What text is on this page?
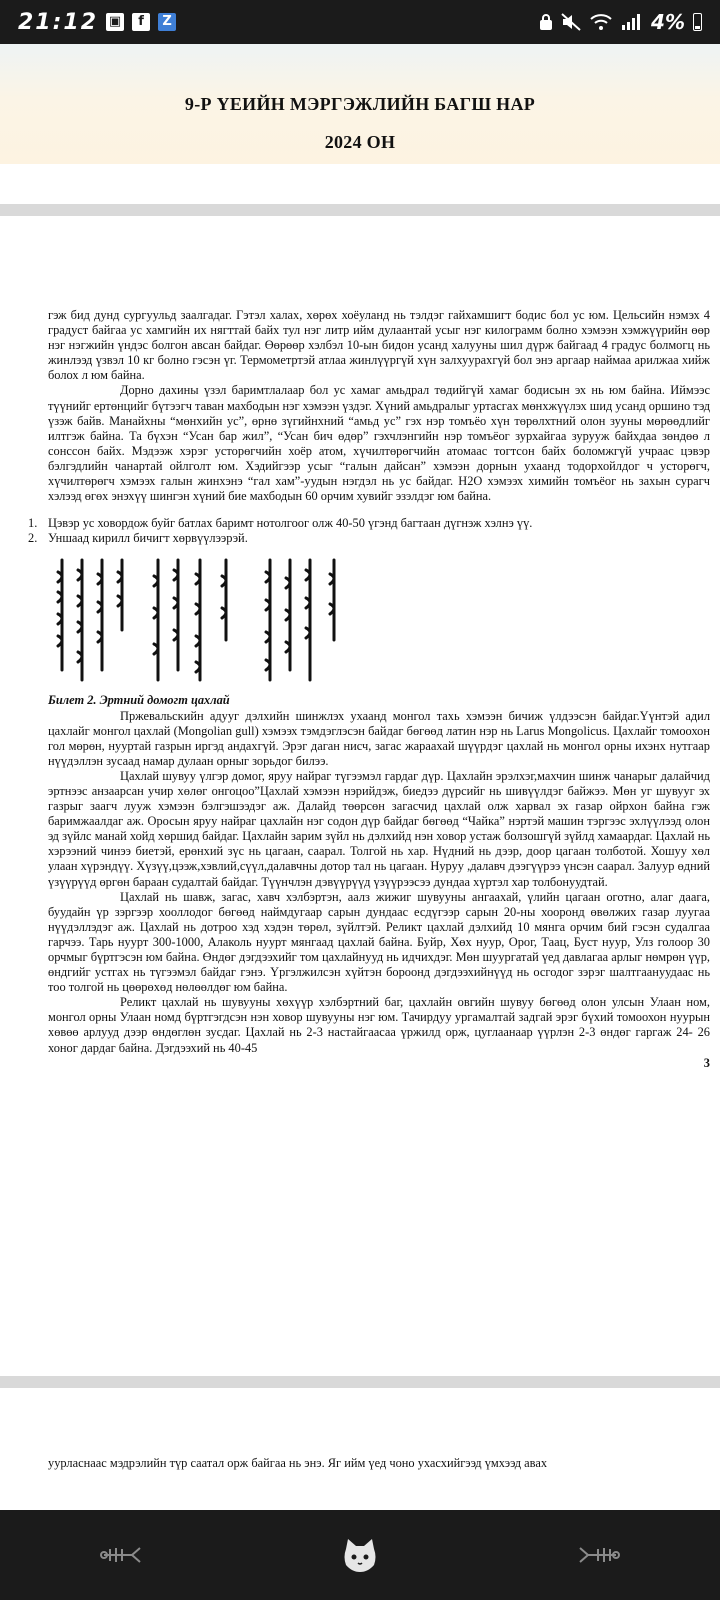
21:12 ▣	f	Z	4%
9-Р ҮЕИЙН МЭРГЭЖЛИЙН БАГШ НАР
2024 ОН

гэж бид дунд сургуульд заалгадаг. Гэтэл халах, хөрөх хоёуланд нь тэлдэг гайхамшигт бодис бол ус юм. Цельсийн нэмэх 4 градуст байгаа ус хамгийн их нягттай байх тул нэг литр ийм дулаантай усыг нэг килограмм болно хэмээн хэмжүүрийн өөр нэг нэгжийн үндэс болгон авсан байдаг. Өөрөөр хэлбэл 10-ын бидон усанд халууны шил дүрж байгаад 4 градус болмогц нь жинлээд үзвэл 10 кг болно гэсэн үг. Термометртэй атлаа жинлүүргүй хүн залхуурахгүй бол энэ аргаар наймаа арилжаа хийж болох л юм байна.

Дорно дахины үзэл баримтлалаар бол ус хамаг амьдрал төдийгүй хамаг бодисын эх нь юм байна. Иймээс түүнийг ертөнцийг бүтээгч таван махбодын нэг хэмээн үздэг. Хүний амьдралыг уртасгах мөнхжүүлэх шид усанд оршино тэд үзэж байв. Манайхны “мөнхийн ус”, өрнө зүгийнхний “амьд ус” гэх нэр томъёо хүн төрөлхтний олон зууны мөрөөдлийг илтгэж байна. Та бүхэн “Усан бар жил”, “Усан бич өдөр” гэхчлэнгийн нэр томъёог зурхайгаа зурууж байхдаа зөндөө л сонссон байх. Мэдээж хэрэг усторөгчийн хоёр атом, хүчилтөрөгчийн атомаас тогтсон байх боломжгүй учраас цэвэр бэлгэдлийн чанартай ойлголт юм. Хэдийгээр усыг “галын дайсан” хэмээн дорнын ухаанд тодорхойлдог ч усторөгч, хүчилтөрөгч хэмээх галын жинхэнэ “гал хам”-уудын нэгдэл нь ус байдаг. H2O хэмээх химийн томъёог нь захын сурагч хэлээд өгөх энэхүү шингэн хүний бие махбодын 60 орчим хувийг эзэлдэг юм байна.

1. Цэвэр ус ховордож буйг батлах баримт нотолгоог олж 40-50 үгэнд багтаан дүгнэж хэлнэ үү.
2. Уншаад кирилл бичигт хөрвүүлээрэй.

Билет 2. Эртний домогт цахлай

Пржевальскийн адууг дэлхийн шинжлэх ухаанд монгол тахь хэмээн бичиж үлдээсэн байдаг.Үүнтэй адил цахлайг монгол цахлай (Mongolian gull) хэмээх тэмдэглэсэн байдаг бөгөөд латин нэр нь Larus Mongolicus. Цахлайг томоохон гол мөрөн, нууртай газрын иргэд андахгүй. Эрэг даган нисч, загас жараахай шүүрдэг цахлай нь монгол орны ихэнх нутгаар нүүдэллэн зусаад намар дулаан орныг зорьдог билээ.

Цахлай шувуу үлгэр домог, яруу найраг түгээмэл гардаг дүр. Цахлайн эрэлхэг,махчин шинж чанарыг далайчид эртнээс анзаарсан учир хөлөг онгоцоо”Цахлай хэмээн нэрийдэж, биедээ дүрсийг нь шивүүлдэг байжээ. Мөн уг шувууг эх газрыг заагч лууж хэмээн бэлгэшээдэг аж. Далайд төөрсөн загасчид цахлай олж харвал эх газар ойрхон байна гэж баримжаалдаг аж. Оросын яруу найраг цахлайн нэг содон дүр байдаг бөгөөд “Чайка” нэртэй машин тэргээс эхлүүлээд олон эд зүйлс манай хойд хөршид байдаг. Цахлайн зарим зүйл нь дэлхийд нэн ховор устаж болзошгүй зүйлд хамаардаг. Цахлай нь хэрээний чинээ биетэй, ерөнхий зүс нь цагаан, саарал. Толгой нь хар. Нүдний нь дээр, доор цагаан толботой. Хошуу хөл улаан хүрэндүү. Хүзүү,цээж,хэвлий,сүүл,далавчны дотор тал нь цагаан. Нуруу ,далавч дээгүүрээ үнсэн саарал. Залуур өдний үзүүрүүд өргөн бараан судалтай байдаг. Түүнчлэн дэвүүрүүд үзүүрээсээ дундаа хүртэл хар толбонуудтай.

Цахлай нь шавж, загас, хавч хэлбэртэн, аалз жижиг шувууны ангаахай, үлийн цагаан оготно, алаг даага, буудайн үр зэргээр хооллодог бөгөөд наймдугаар сарын дундаас есдүгээр сарын 20-ны хооронд өвөлжих газар луугаа нүүдэллэдэг аж. Цахлай нь дотроо хэд хэдэн төрөл, зүйлтэй. Реликт цахлай дэлхийд 10 мянга орчим бий гэсэн судалгаа гарчээ. Тарь нуурт 300-1000, Алаколь нуурт мянгаад цахлай байна. Буйр, Хөх нуур, Орог, Таац, Буст нуур, Улз голоор 30 орчмыг бүртгэсэн юм байна. Өндөг дэгдээхийг том цахлайнууд нь идчихдэг. Мөн шуургатай үед давлагаа арлыг нөмрөн үүр, өндгийг устгах нь түгээмэл байдаг гэнэ. Үргэлжилсэн хүйтэн бороонд дэгдээхийнүүд нь осгодог зэрэг шалтгаануудаас нь тоо толгой нь цөөрөхөд нөлөөлдөг юм байна.

Реликт цахлай нь шувууны хөхүүр хэлбэртний баг, цахлайн овгийн шувуу бөгөөд олон улсын Улаан ном, монгол орны Улаан номд бүртгэгдсэн нэн ховор шувууны нэг юм. Тачирдуу ургамалтай задгай эрэг бүхий томоохон нуурын хөвөө арлууд дээр өндөглөн зусдаг. Цахлай нь 2-3 настайгаасаа үржилд орж, цуглаанаар үүрлэн 2-3 өндөг гаргаж 24- 26 хоног дардаг байна. Дэгдээхий нь 40-45

3

уурласнаас мэдрэлийн түр саатал орж байгаа нь энэ. Яг ийм үед чоно ухасхийгээд үмхээд авах
